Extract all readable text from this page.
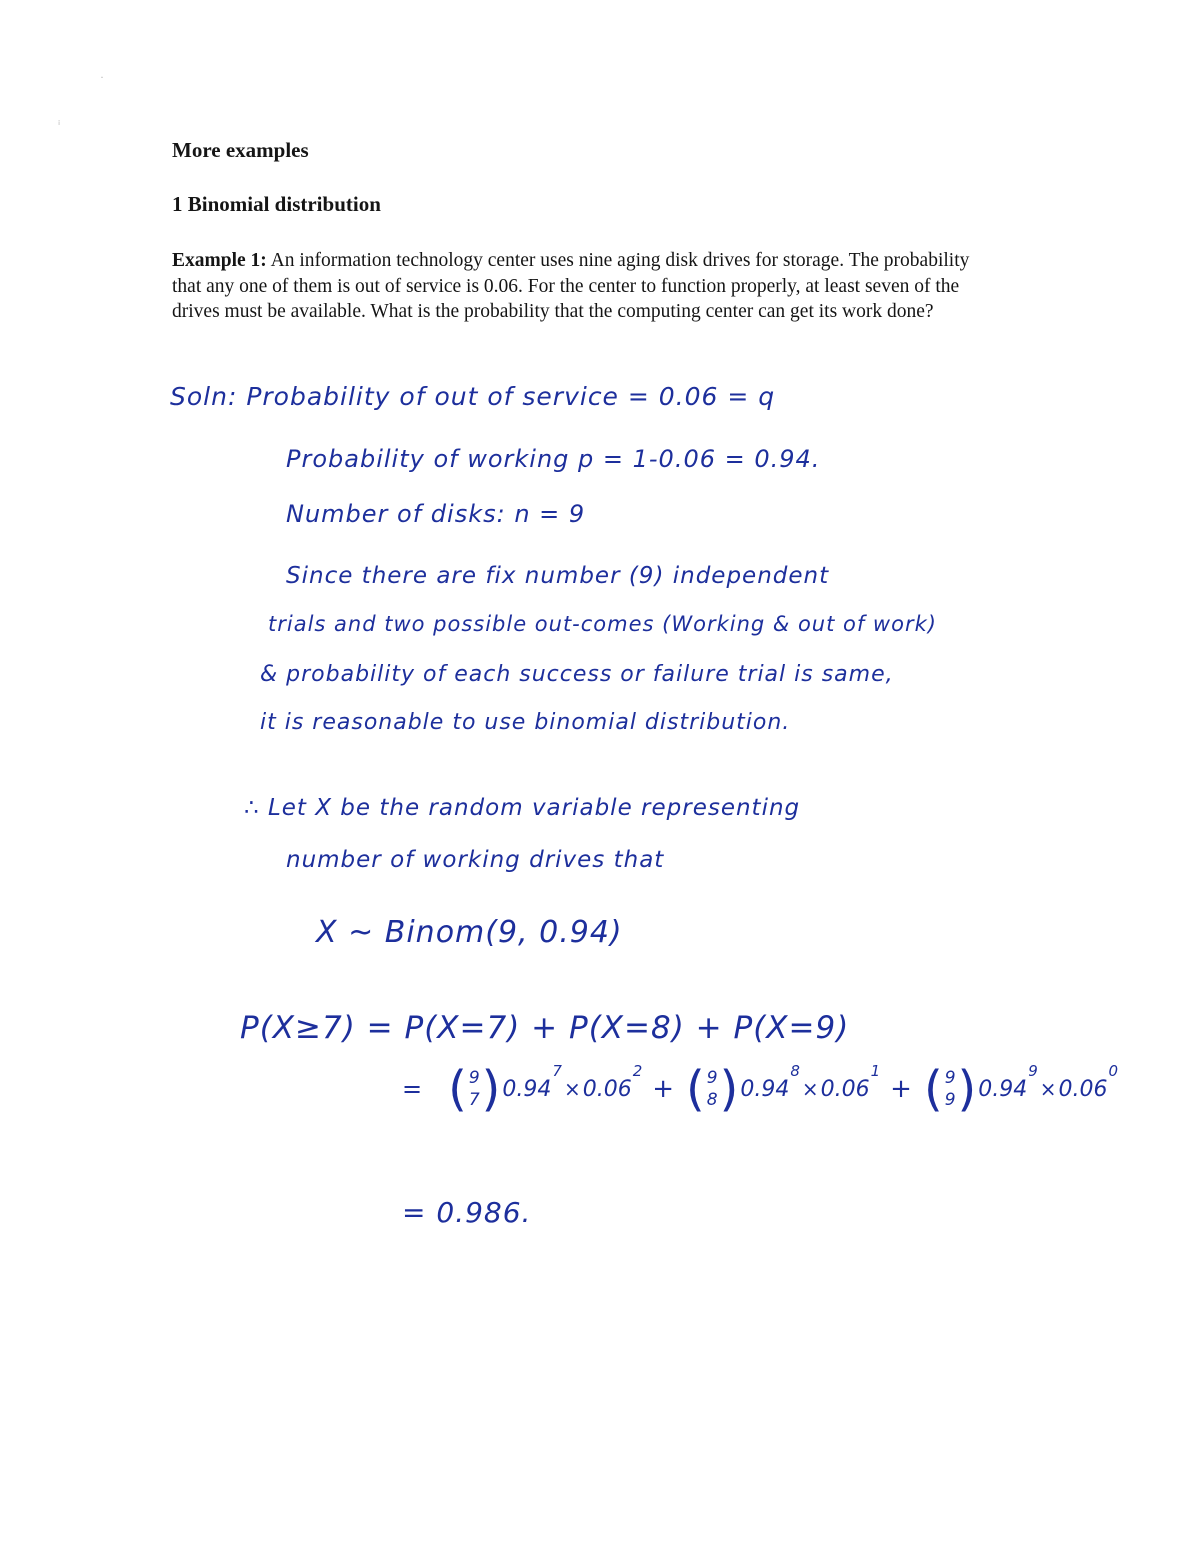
More examples
1 Binomial distribution

Example 1: An information technology center uses nine aging disk drives for storage. The probability that any one of them is out of service is 0.06. For the center to function properly, at least seven of the drives must be available. What is the probability that the computing center can get its work done?

Soln: Probability of out of service = 0.06 = q

Probability of working p = 1-0.06 = 0.94.

Number of disks: n = 9

Since there are fix number (9) independent

trials and two possible out-comes (Working & out of work)

& probability of each success or failure trial is same,

it is reasonable to use binomial distribution.

∴ Let X be the random variable representing

number of working drives that

X ~ Binom(9, 0.94)

P(X≥7) = P(X=7) + P(X=8) + P(X=9)

= ( 9
7 ) 0.94
7
× 0.06
2
+ ( 9
8 ) 0.94
8
× 0.06
1
+ ( 9
9 ) 0.94
9
× 0.06
0

= 0.986.

ⁱ
·
